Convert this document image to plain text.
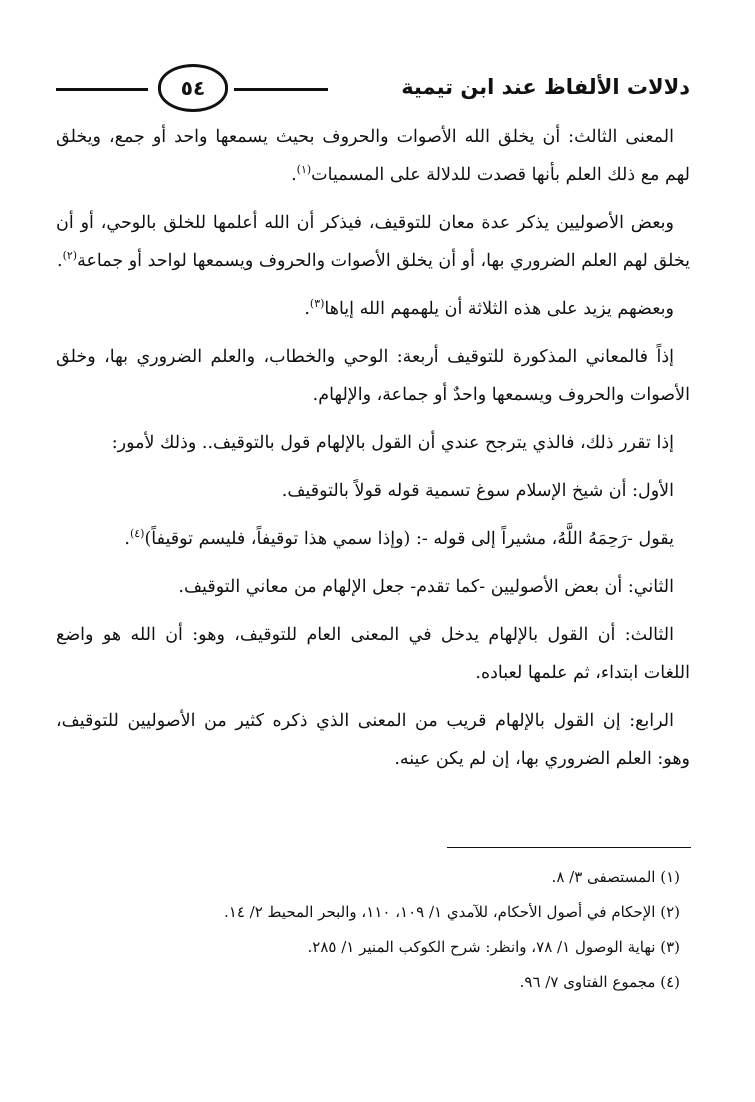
٥٤	دلالات الألفاظ عند ابن تيمية

المعنى الثالث: أن يخلق الله الأصوات والحروف بحيث يسمعها واحد أو جمع، ويخلق لهم مع ذلك العلم بأنها قصدت للدلالة على المسميات$^{(١)}$.

وبعض الأصوليين يذكر عدة معان للتوقيف، فيذكر أن الله أعلمها للخلق بالوحي، أو أن يخلق لهم العلم الضروري بها، أو أن يخلق الأصوات والحروف ويسمعها لواحد أو جماعة$^{(٢)}$.

وبعضهم يزيد على هذه الثلاثة أن يلهمهم الله إياها$^{(٣)}$.

إذاً فالمعاني المذكورة للتوقيف أربعة: الوحي والخطاب، والعلم الضروري بها، وخلق الأصوات والحروف ويسمعها واحدٌ أو جماعة، والإلهام.

إذا تقرر ذلك، فالذي يترجح عندي أن القول بالإلهام قول بالتوقيف.. وذلك لأمور:

الأول: أن شيخ الإسلام سوغ تسمية قوله قولاً بالتوقيف.

يقول -رَحِمَهُ اللَّهُ، مشيراً إلى قوله -: (وإذا سمي هذا توقيفاً، فليسم توقيفاً)$^{(٤)}$.

الثاني: أن بعض الأصوليين -كما تقدم- جعل الإلهام من معاني التوقيف.

الثالث: أن القول بالإلهام يدخل في المعنى العام للتوقيف، وهو: أن الله هو واضع اللغات ابتداء، ثم علمها لعباده.

الرابع: إن القول بالإلهام قريب من المعنى الذي ذكره كثير من الأصوليين للتوقيف، وهو: العلم الضروري بها، إن لم يكن عينه.

(١) المستصفى ٣/ ٨.
(٢) الإحكام في أصول الأحكام، للآمدي ١/ ١٠٩، ١١٠، والبحر المحيط ٢/ ١٤.
(٣) نهاية الوصول ١/ ٧٨، وانظر: شرح الكوكب المنير ١/ ٢٨٥.
(٤) مجموع الفتاوى ٧/ ٩٦.
